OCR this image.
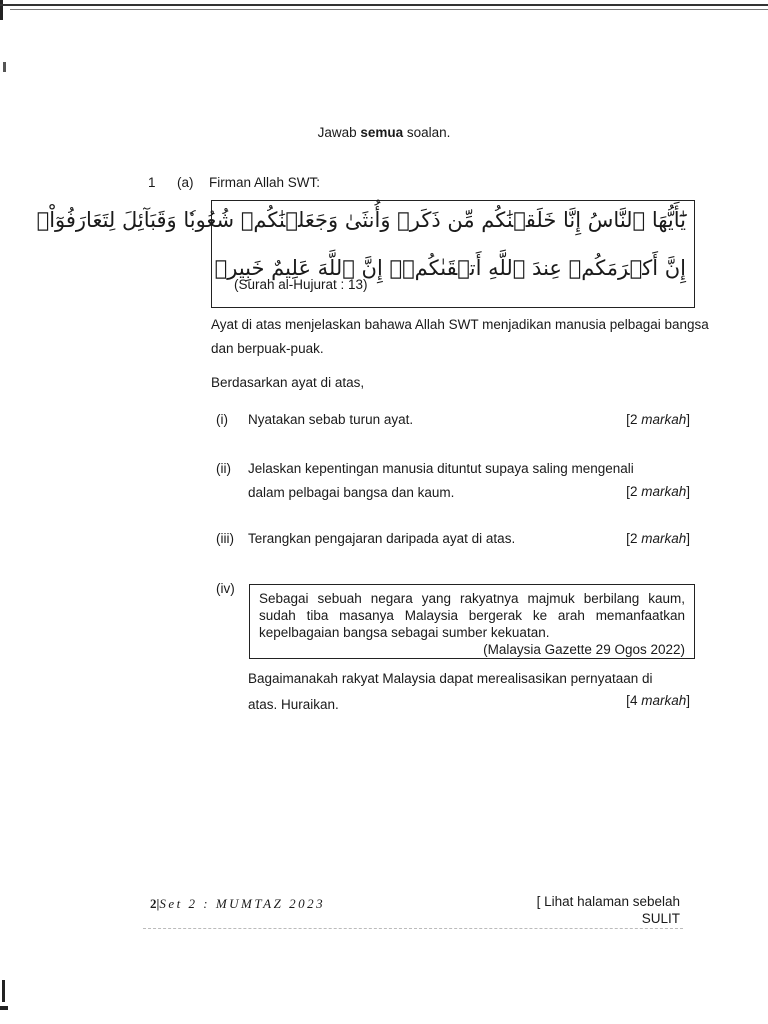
Jawab semua soalan.
1 (a) Firman Allah SWT:
يَٰٓأَيُّهَا ٱلنَّاسُ إِنَّا خَلَقۡنَٰكُم مِّن ذَكَرٖ وَأُنثَىٰ وَجَعَلۡنَٰكُمۡ شُعُوبٗا وَقَبَآئِلَ لِتَعَارَفُوٓاْۚ
إِنَّ أَكۡرَمَكُمۡ عِندَ ٱللَّهِ أَتۡقَىٰكُمۡۚ إِنَّ ٱللَّهَ عَلِيمٌ خَبِيرٞ
(Surah al-Hujurat : 13)
Ayat di atas menjelaskan bahawa Allah SWT menjadikan manusia pelbagai bangsa dan berpuak-puak.
Berdasarkan ayat di atas,
(i) Nyatakan sebab turun ayat.	[2 markah]
(ii) Jelaskan kepentingan manusia dituntut supaya saling mengenali
dalam pelbagai bangsa dan kaum.	[2 markah]
(iii) Terangkan pengajaran daripada ayat di atas.	[2 markah]
(iv)
Sebagai sebuah negara yang rakyatnya majmuk berbilang kaum, sudah tiba masanya Malaysia bergerak ke arah memanfaatkan kepelbagaian bangsa sebagai sumber kekuatan.
(Malaysia Gazette 29 Ogos 2022)
Bagaimanakah rakyat Malaysia dapat merealisasikan pernyataan di
atas. Huraikan.	[4 markah]
2|Set 2 : MUMTAZ 2023	[ Lihat halaman sebelah
SULIT
